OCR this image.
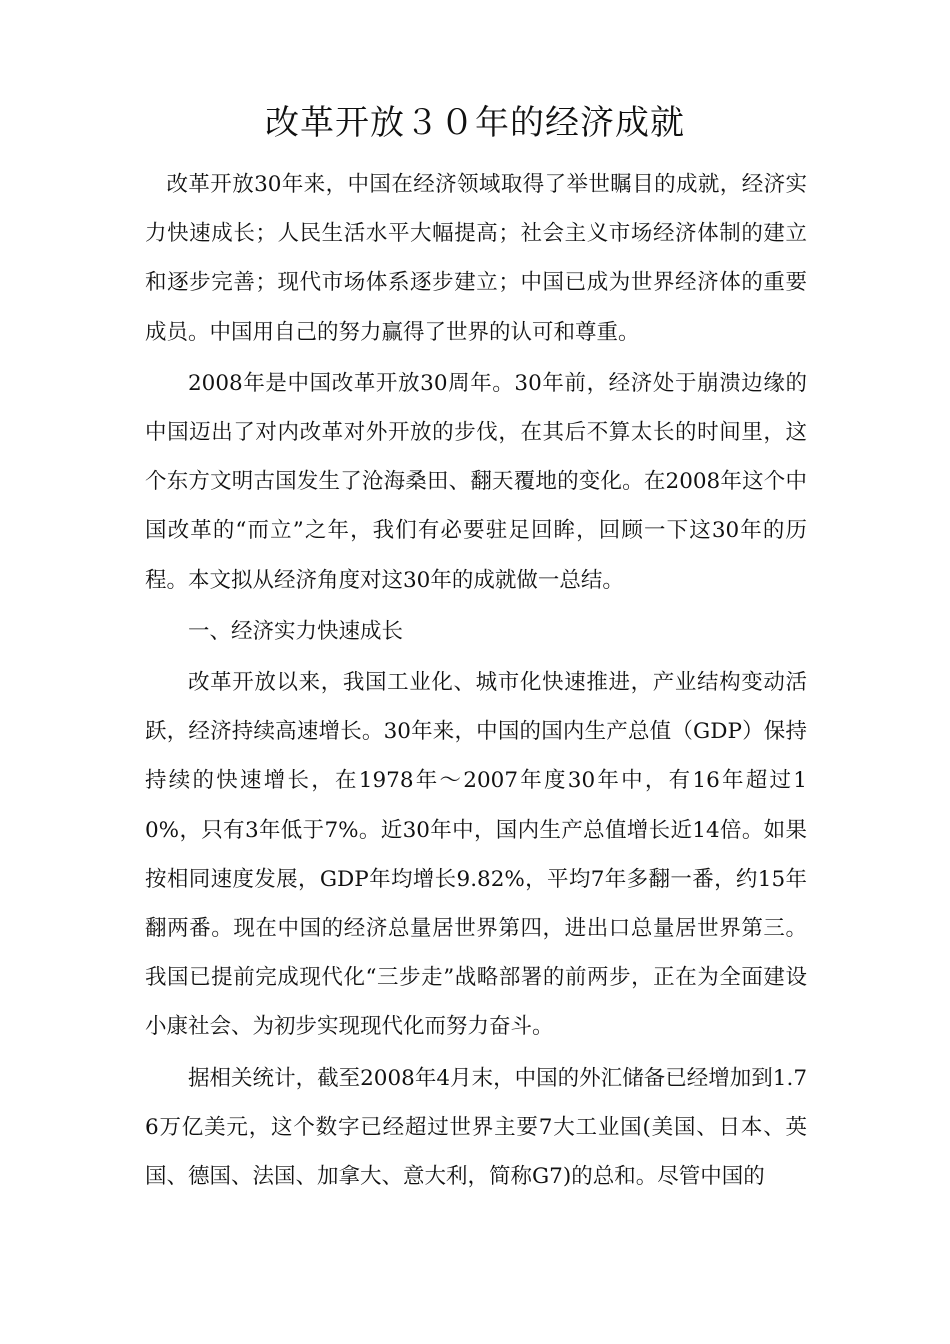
改革开放３０年的经济成就

改革开放30年来，中国在经济领域取得了举世瞩目的成就，经济实力快速成长；人民生活水平大幅提高；社会主义市场经济体制的建立和逐步完善；现代市场体系逐步建立；中国已成为世界经济体的重要成员。中国用自己的努力赢得了世界的认可和尊重。

2008年是中国改革开放30周年。30年前，经济处于崩溃边缘的中国迈出了对内改革对外开放的步伐，在其后不算太长的时间里，这个东方文明古国发生了沧海桑田、翻天覆地的变化。在2008年这个中国改革的“而立”之年，我们有必要驻足回眸，回顾一下这30年的历程。本文拟从经济角度对这30年的成就做一总结。

一、经济实力快速成长

改革开放以来，我国工业化、城市化快速推进，产业结构变动活跃，经济持续高速增长。30年来，中国的国内生产总值（GDP）保持持续的快速增长，在1978年～2007年度30年中，有16年超过10%，只有3年低于7%。近30年中，国内生产总值增长近14倍。如果按相同速度发展，GDP年均增长9.82%，平均7年多翻一番，约15年翻两番。现在中国的经济总量居世界第四，进出口总量居世界第三。我国已提前完成现代化“三步走”战略部署的前两步，正在为全面建设小康社会、为初步实现现代化而努力奋斗。

据相关统计，截至2008年4月末，中国的外汇储备已经增加到1.76万亿美元，这个数字已经超过世界主要7大工业国(美国、日本、英国、德国、法国、加拿大、意大利，简称G7)的总和。尽管中国的
